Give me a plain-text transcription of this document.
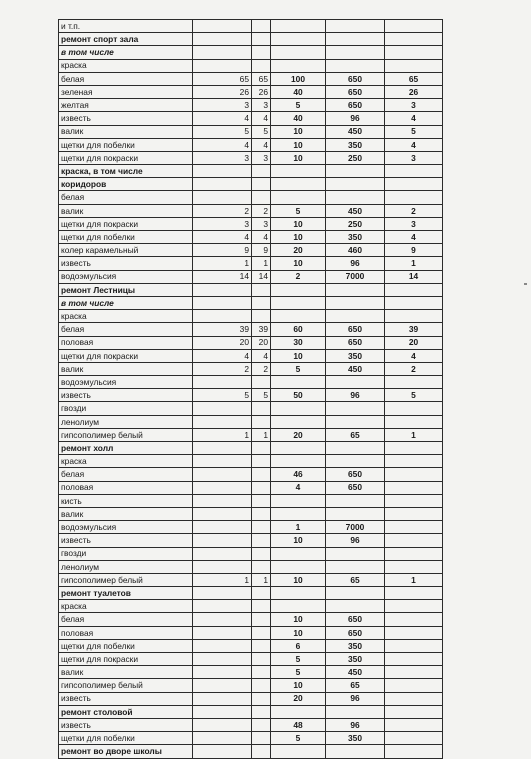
и т.п.					
ремонт спорт зала					
в том числе					
краска					
белая	65	65	100	650	65
зеленая	26	26	40	650	26
желтая	3	3	5	650	3
известь	4	4	40	96	4
валик	5	5	10	450	5
щетки для побелки	4	4	10	350	4
щетки для покраски	3	3	10	250	3
краска, в том числе					
коридоров					
белая					
валик	2	2	5	450	2
щетки для покраски	3	3	10	250	3
щетки для побелки	4	4	10	350	4
колер карамельный	9	9	20	460	9
известь	1	1	10	96	1
водоэмульсия	14	14	2	7000	14
ремонт Лестницы					
в том числе					
краска					
белая	39	39	60	650	39
половая	20	20	30	650	20
щетки для покраски	4	4	10	350	4
валик	2	2	5	450	2
водоэмульсия					
известь	5	5	50	96	5
гвозди					
ленолиум					
гипсополимер белый	1	1	20	65	1
ремонт холл					
краска					
белая			46	650	
половая			4	650	
кисть					
валик					
водоэмульсия			1	7000	
известь			10	96	
гвозди					
ленолиум					
гипсополимер белый	1	1	10	65	1
ремонт туалетов					
краска					
белая			10	650	
половая			10	650	
щетки для побелки			6	350	
щетки для покраски			5	350	
валик			5	450	
гипсополимер белый			10	65	
известь			20	96	
ремонт столовой					
известь			48	96	
щетки для побелки			5	350	
ремонт во дворе школы					
